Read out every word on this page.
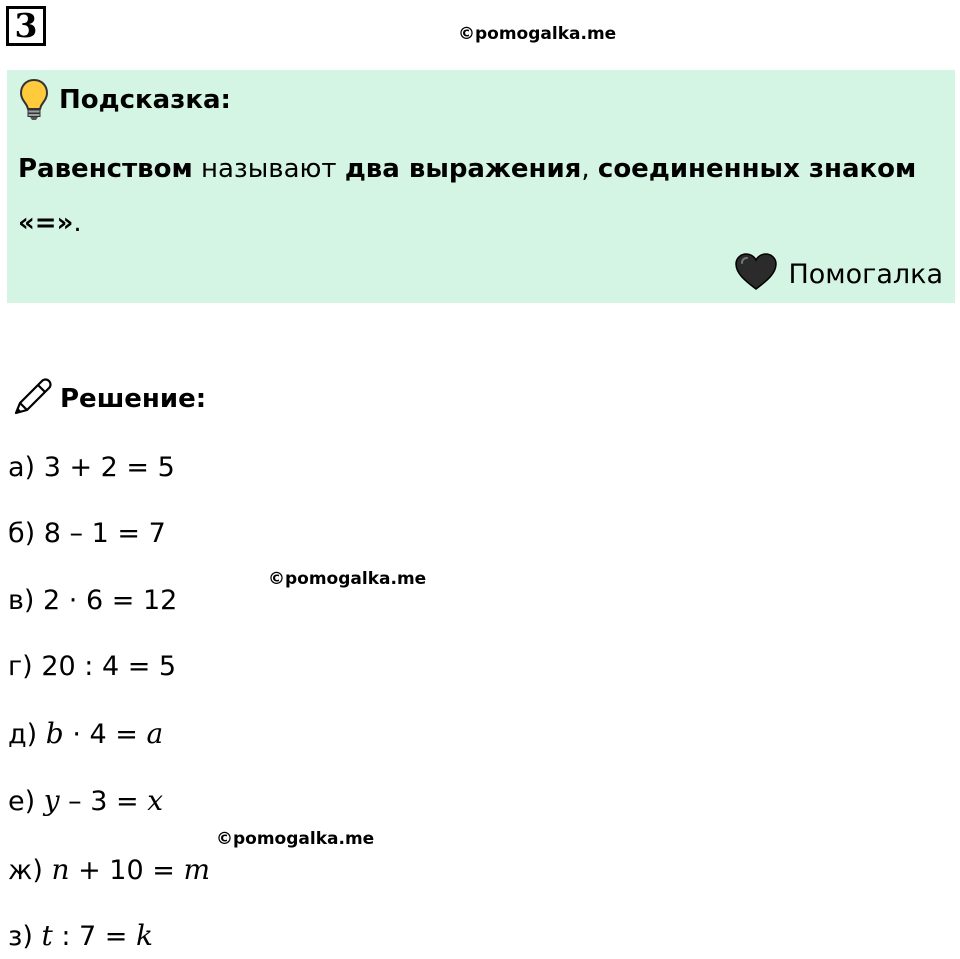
3	©pomogalka.me
Подсказка:
Равенством называют два выражения, соединенных знаком «=».
Помогалка
Решение:
©pomogalka.me
©pomogalka.me
а) 3 + 2 = 5
б) 8 – 1 = 7
в) 2 · 6 = 12
г) 20 : 4 = 5
д) b · 4 = a
е) y – 3 = x
ж) n + 10 = m
з) t : 7 = k
